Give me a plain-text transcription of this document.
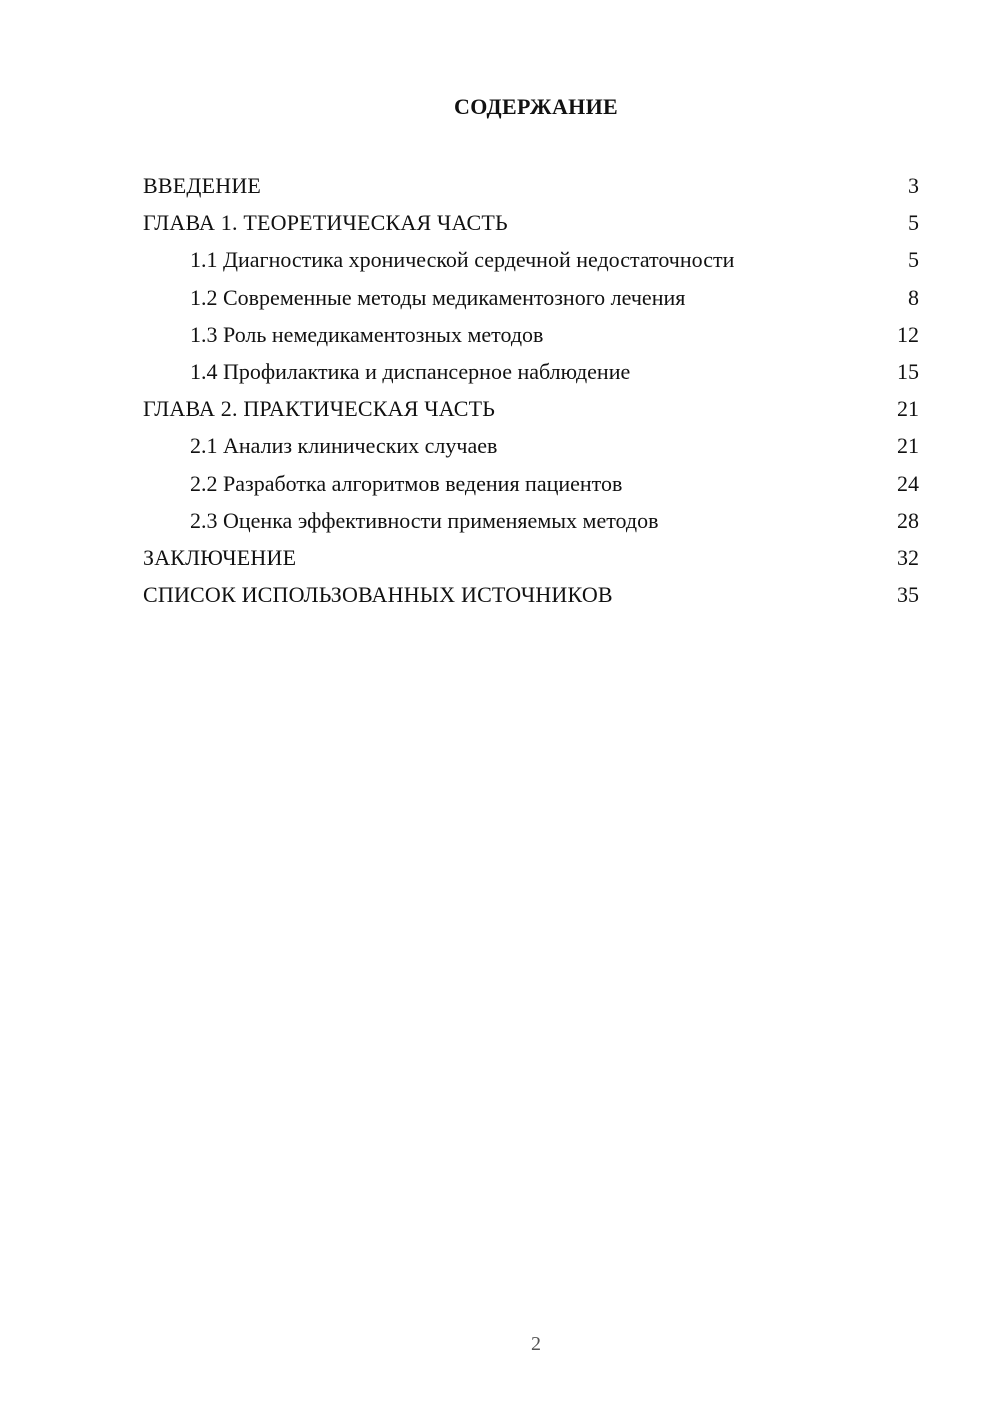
СОДЕРЖАНИЕ
ВВЕДЕНИЕ	3
ГЛАВА 1. ТЕОРЕТИЧЕСКАЯ ЧАСТЬ	5
1.1 Диагностика хронической сердечной недостаточности	5
1.2 Современные методы медикаментозного лечения	8
1.3 Роль немедикаментозных методов	12
1.4 Профилактика и диспансерное наблюдение	15
ГЛАВА 2. ПРАКТИЧЕСКАЯ ЧАСТЬ	21
2.1 Анализ клинических случаев	21
2.2 Разработка алгоритмов ведения пациентов	24
2.3 Оценка эффективности применяемых методов	28
ЗАКЛЮЧЕНИЕ	32
СПИСОК ИСПОЛЬЗОВАННЫХ ИСТОЧНИКОВ	35
2
